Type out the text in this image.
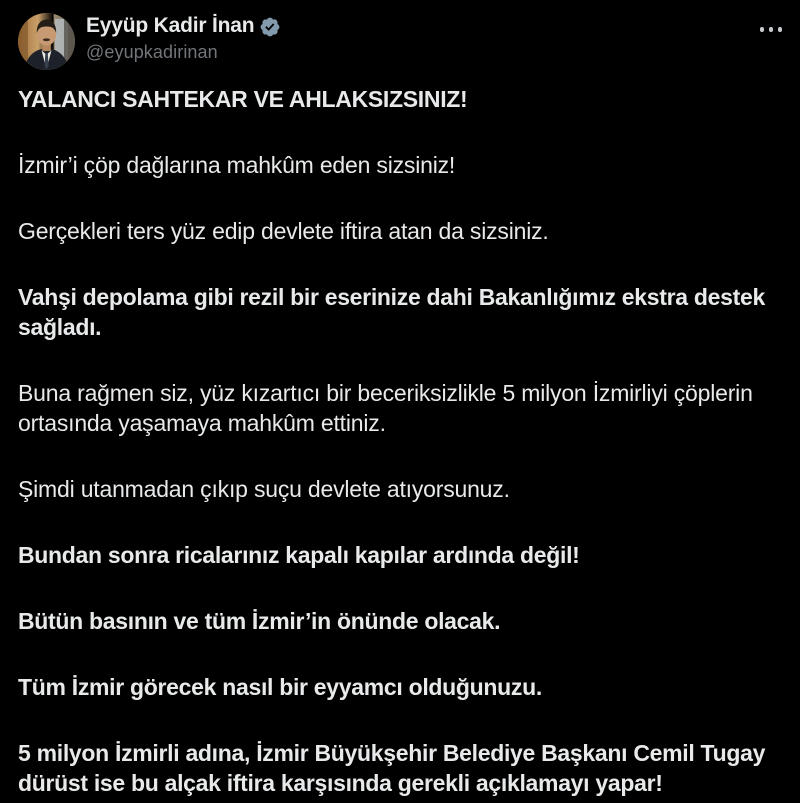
Eyyüp Kadir İnan
@eyupkadirinan

YALANCI SAHTEKAR VE AHLAKSIZSINIZ!

İzmir’i çöp dağlarına mahkûm eden sizsiniz!

Gerçekleri ters yüz edip devlete iftira atan da sizsiniz.

Vahşi depolama gibi rezil bir eserinize dahi Bakanlığımız ekstra destek sağladı.

Buna rağmen siz, yüz kızartıcı bir beceriksizlikle 5 milyon İzmirliyi çöplerin ortasında yaşamaya mahkûm ettiniz.

Şimdi utanmadan çıkıp suçu devlete atıyorsunuz.

Bundan sonra ricalarınız kapalı kapılar ardında değil!

Bütün basının ve tüm İzmir’in önünde olacak.

Tüm İzmir görecek nasıl bir eyyamcı olduğunuzu.

5 milyon İzmirli adına, İzmir Büyükşehir Belediye Başkanı Cemil Tugay dürüst ise bu alçak iftira karşısında gerekli açıklamayı yapar!
